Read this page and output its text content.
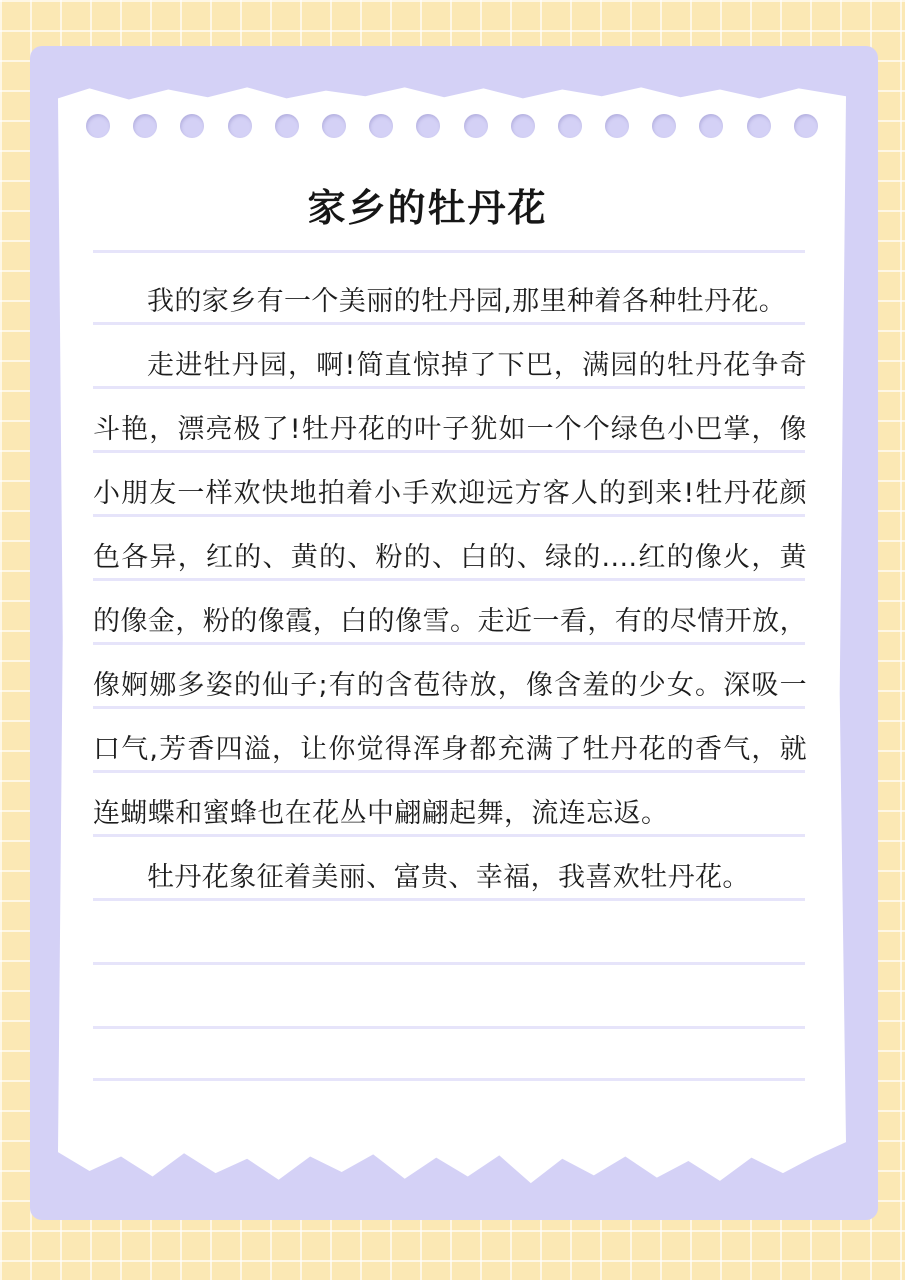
家乡的牡丹花

我的家乡有一个美丽的牡丹园,那里种着各种牡丹花。

走进牡丹园，啊!简直惊掉了下巴，满园的牡丹花争奇斗艳，漂亮极了!牡丹花的叶子犹如一个个绿色小巴掌，像小朋友一样欢快地拍着小手欢迎远方客人的到来!牡丹花颜色各异，红的、黄的、粉的、白的、绿的....红的像火，黄的像金，粉的像霞，白的像雪。走近一看，有的尽情开放，像婀娜多姿的仙子;有的含苞待放，像含羞的少女。深吸一口气,芳香四溢，让你觉得浑身都充满了牡丹花的香气，就连蝴蝶和蜜蜂也在花丛中翩翩起舞，流连忘返。

牡丹花象征着美丽、富贵、幸福，我喜欢牡丹花。
